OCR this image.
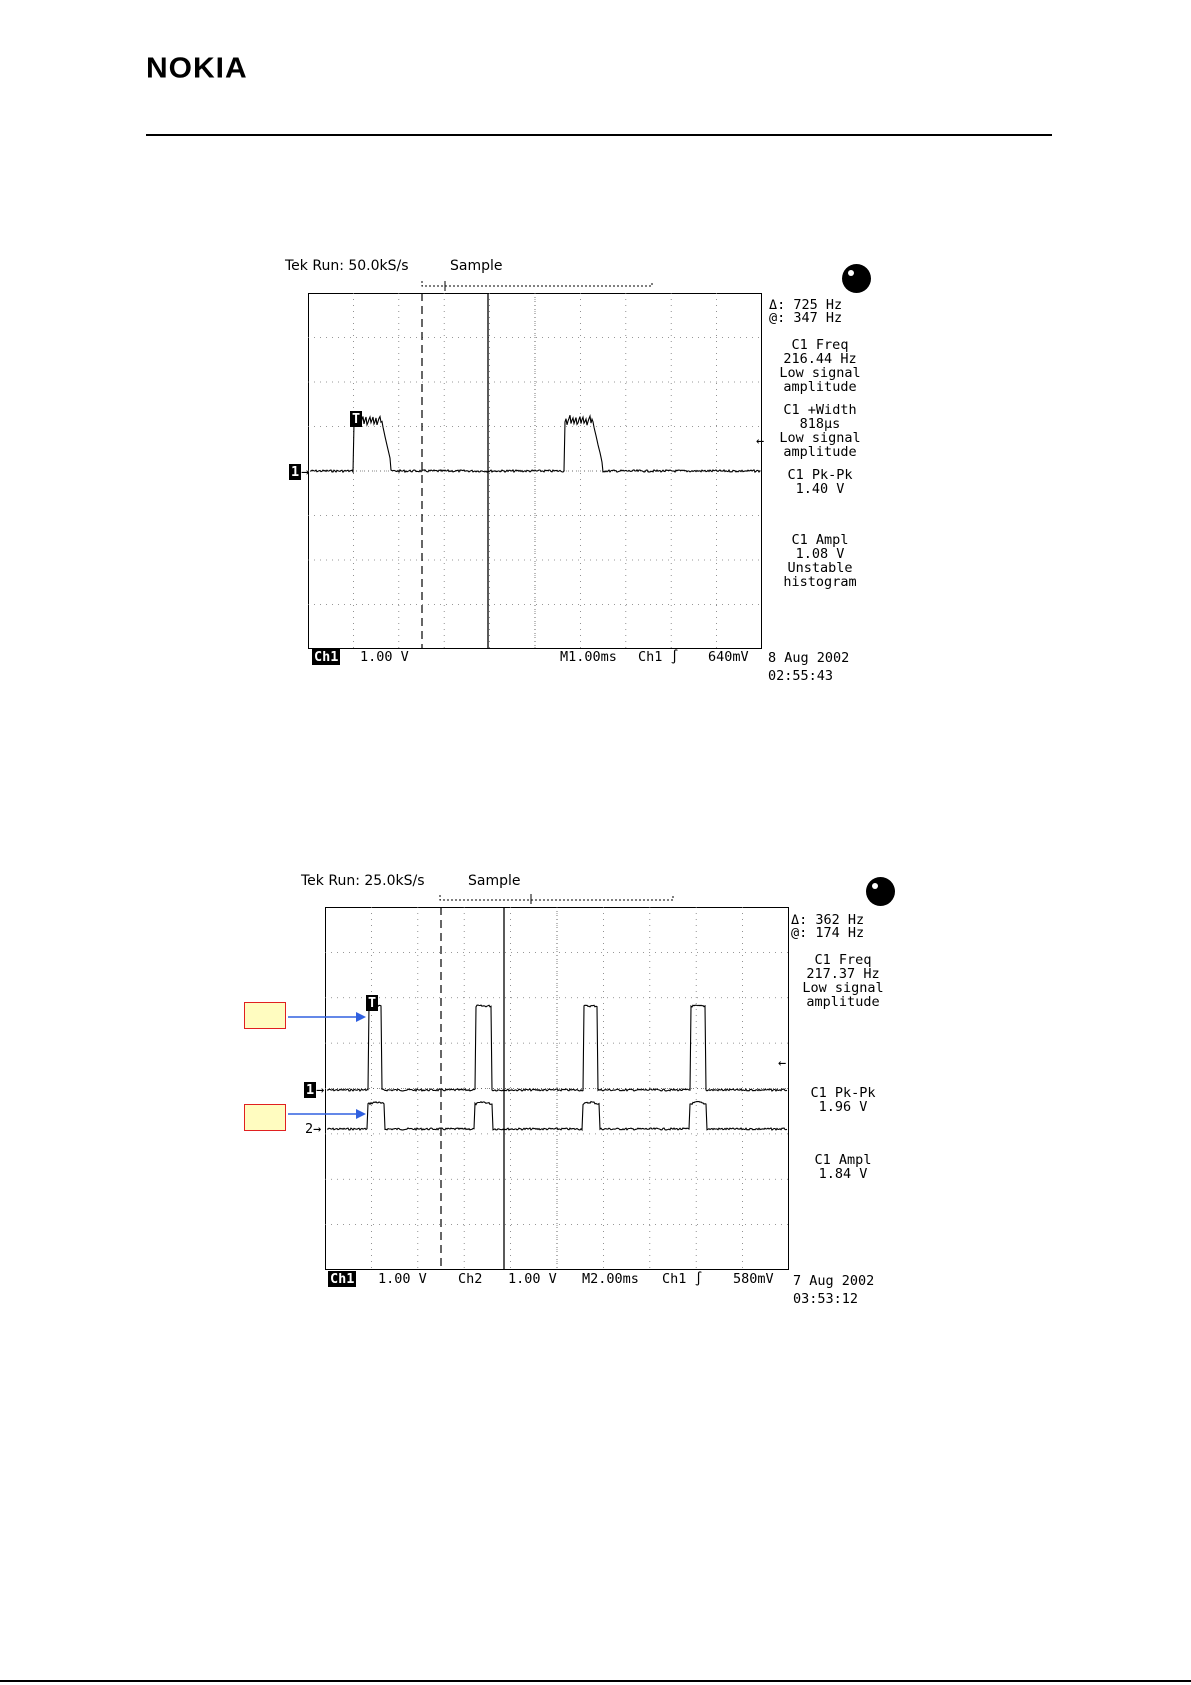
NOKIA
Tek Run: 50.0kS/s	Sample
T
1 →
←
Δ: 725 Hz
@: 347 Hz
C1 Freq
216.44 Hz
Low signal
amplitude
C1 +Width
818µs
Low signal
amplitude
C1 Pk-Pk
1.40 V
C1 Ampl
1.08 V
Unstable
histogram
Ch1 1.00 V	M1.00ms Ch1 ∫ 640mV 8 Aug 2002
02:55:43
Tek Run: 25.0kS/s	Sample
T
1 →
2→
←
Δ: 362 Hz
@: 174 Hz
C1 Freq
217.37 Hz
Low signal
amplitude
C1 Pk-Pk
1.96 V
C1 Ampl
1.84 V
Ch1 1.00 V Ch2 1.00 V M2.00ms Ch1 ∫ 580mV 7 Aug 2002
03:53:12
